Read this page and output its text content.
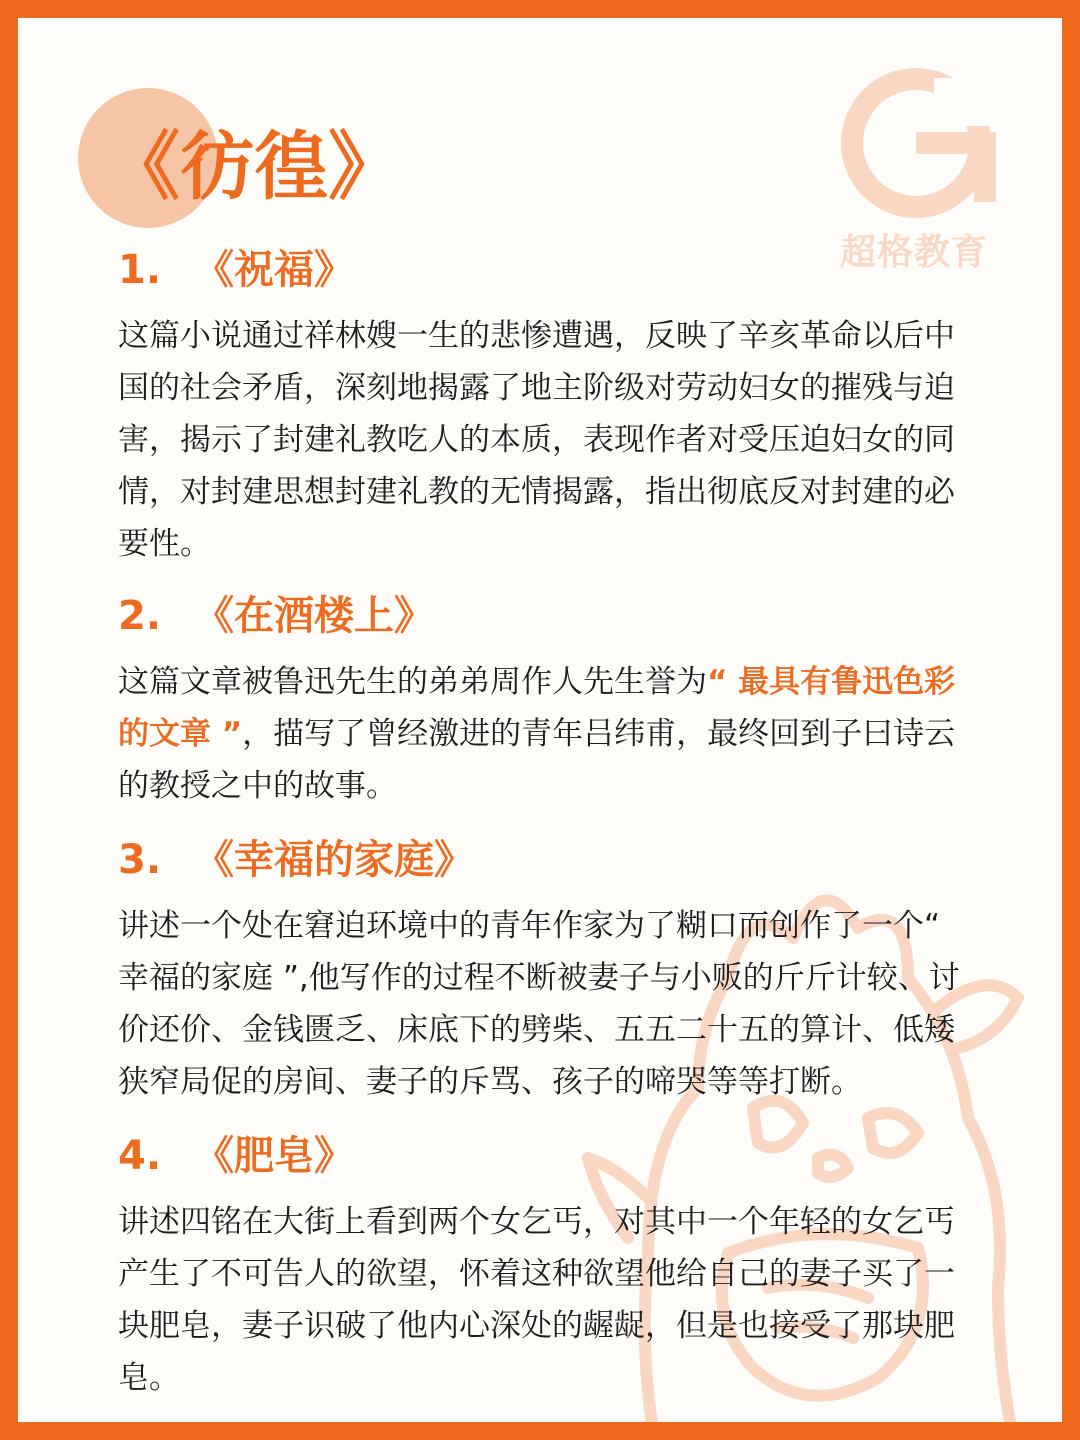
超格教育
《彷徨》
1. 《祝福》
这篇小说通过祥林嫂一生的悲惨遭遇，反映了辛亥革命以后中国的社会矛盾，深刻地揭露了地主阶级对劳动妇女的摧残与迫害，揭示了封建礼教吃人的本质，表现作者对受压迫妇女的同情，对封建思想封建礼教的无情揭露，指出彻底反对封建的必要性。
2. 《在酒楼上》
这篇文章被鲁迅先生的弟弟周作人先生誉为“ 最具有鲁迅色彩的文章 ”，描写了曾经激进的青年吕纬甫，最终回到子曰诗云的教授之中的故事。
3. 《幸福的家庭》
讲述一个处在窘迫环境中的青年作家为了糊口而创作了一个“ 幸福的家庭 ”,他写作的过程不断被妻子与小贩的斤斤计较、讨价还价、金钱匮乏、床底下的劈柴、五五二十五的算计、低矮狭窄局促的房间、妻子的斥骂、孩子的啼哭等等打断。
4. 《肥皂》
讲述四铭在大街上看到两个女乞丐，对其中一个年轻的女乞丐产生了不可告人的欲望，怀着这种欲望他给自己的妻子买了一块肥皂，妻子识破了他内心深处的龌龊，但是也接受了那块肥皂。
